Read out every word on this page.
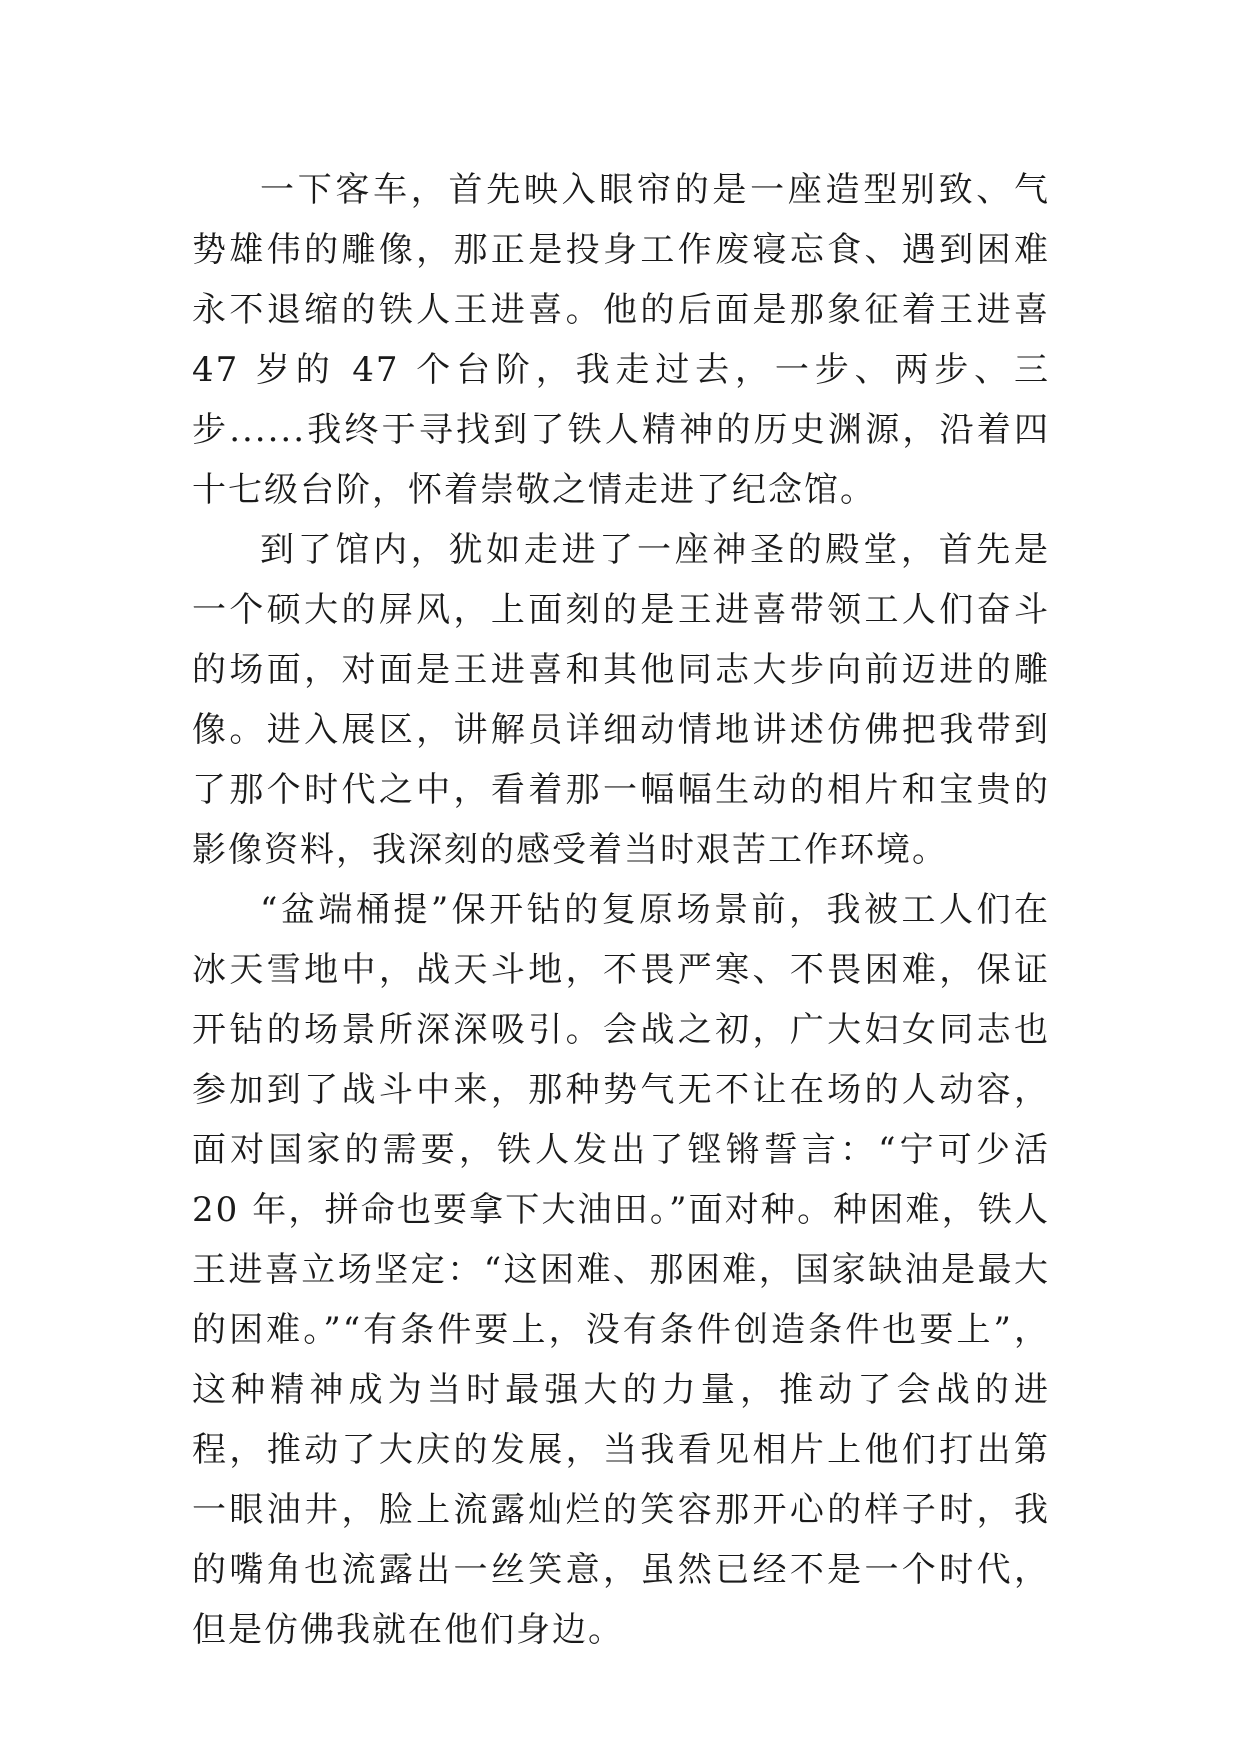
一下客车，首先映入眼帘的是一座造型别致、气势雄伟的雕像，那正是投身工作废寝忘食、遇到困难永不退缩的铁人王进喜。他的后面是那象征着王进喜 47 岁的 47 个台阶，我走过去，一步、两步、三步......我终于寻找到了铁人精神的历史渊源，沿着四十七级台阶，怀着崇敬之情走进了纪念馆。

到了馆内，犹如走进了一座神圣的殿堂，首先是一个硕大的屏风，上面刻的是王进喜带领工人们奋斗的场面，对面是王进喜和其他同志大步向前迈进的雕像。进入展区，讲解员详细动情地讲述仿佛把我带到了那个时代之中，看着那一幅幅生动的相片和宝贵的影像资料，我深刻的感受着当时艰苦工作环境。

“盆端桶提”保开钻的复原场景前，我被工人们在冰天雪地中，战天斗地，不畏严寒、不畏困难，保证开钻的场景所深深吸引。会战之初，广大妇女同志也参加到了战斗中来，那种势气无不让在场的人动容，面对国家的需要，铁人发出了铿锵誓言：“宁可少活 20 年，拼命也要拿下大油田。”面对种。种困难，铁人王进喜立场坚定：“这困难、那困难，国家缺油是最大的困难。”“有条件要上，没有条件创造条件也要上”，这种精神成为当时最强大的力量，推动了会战的进程，推动了大庆的发展，当我看见相片上他们打出第一眼油井，脸上流露灿烂的笑容那开心的样子时，我的嘴角也流露出一丝笑意，虽然已经不是一个时代，但是仿佛我就在他们身边。
